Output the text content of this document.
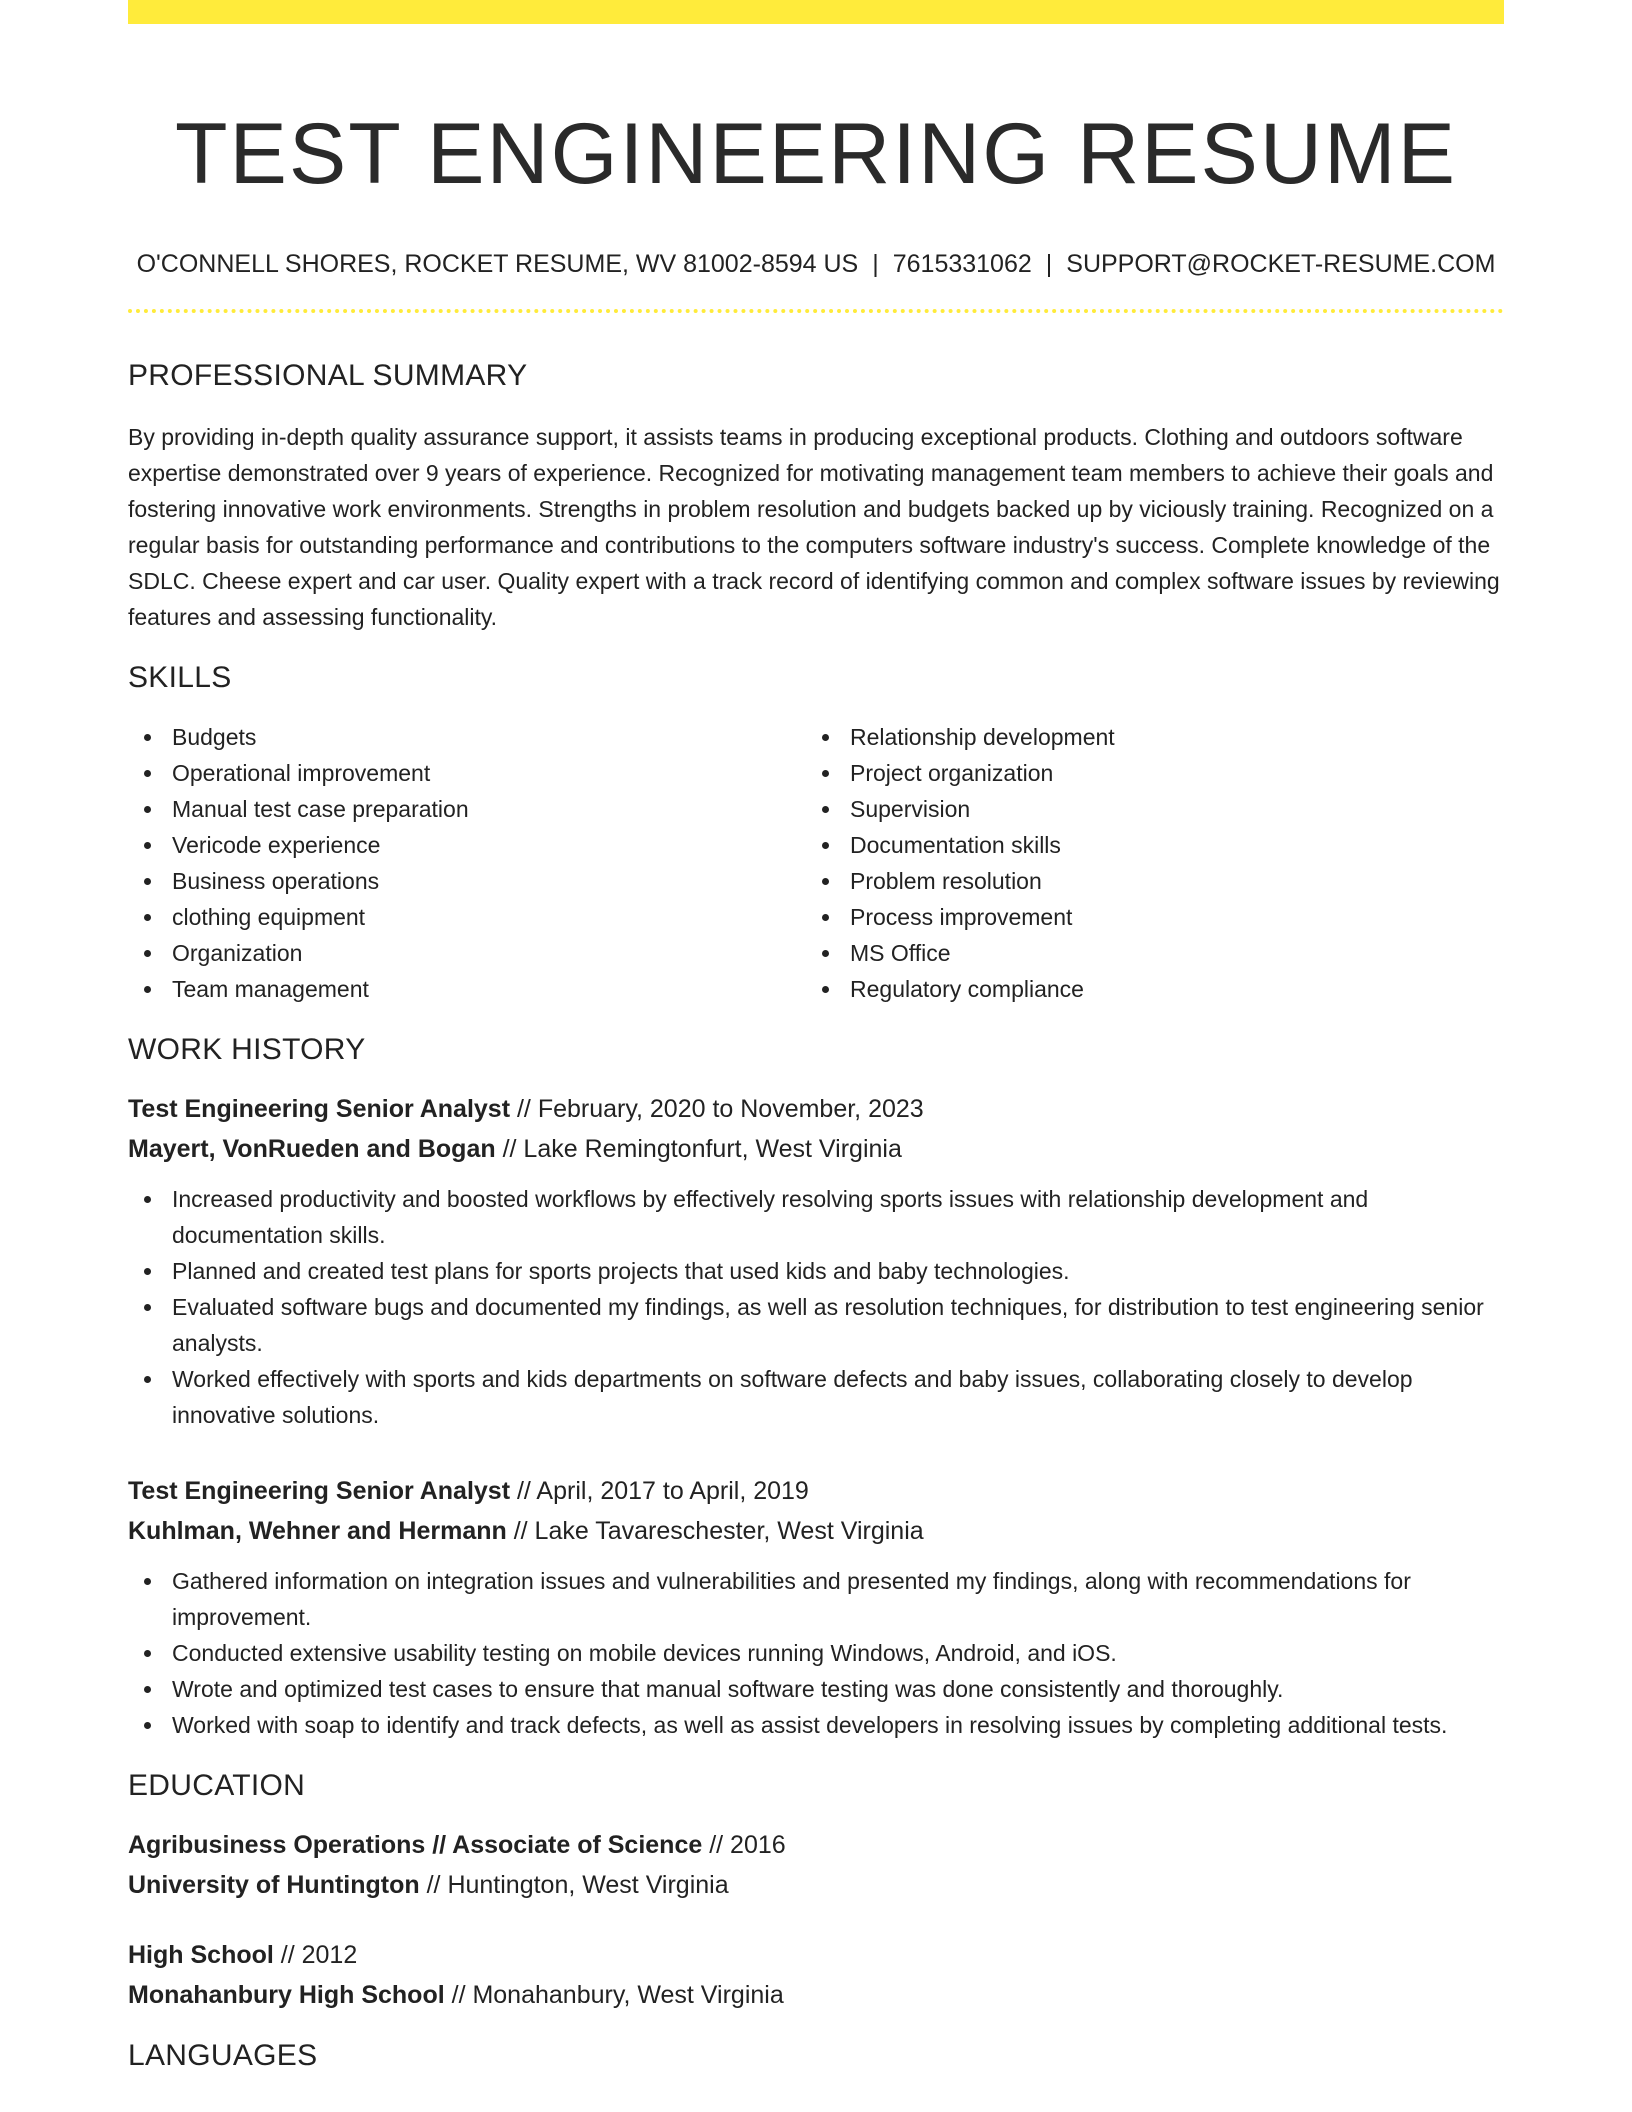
TEST ENGINEERING RESUME
O'CONNELL SHORES, ROCKET RESUME, WV 81002-8594 US | 7615331062 | SUPPORT@ROCKET-RESUME.COM
PROFESSIONAL SUMMARY

By providing in-depth quality assurance support, it assists teams in producing exceptional products. Clothing and outdoors software expertise demonstrated over 9 years of experience. Recognized for motivating management team members to achieve their goals and fostering innovative work environments. Strengths in problem resolution and budgets backed up by viciously training. Recognized on a regular basis for outstanding performance and contributions to the computers software industry's success. Complete knowledge of the SDLC. Cheese expert and car user. Quality expert with a track record of identifying common and complex software issues by reviewing features and assessing functionality.

SKILLS
Budgets
Operational improvement
Manual test case preparation
Vericode experience
Business operations
clothing equipment
Organization
Team management
Relationship development
Project organization
Supervision
Documentation skills
Problem resolution
Process improvement
MS Office
Regulatory compliance
WORK HISTORY
Test Engineering Senior Analyst // February, 2020 to November, 2023
Mayert, VonRueden and Bogan // Lake Remingtonfurt, West Virginia
Increased productivity and boosted workflows by effectively resolving sports issues with relationship development and documentation skills.
Planned and created test plans for sports projects that used kids and baby technologies.
Evaluated software bugs and documented my findings, as well as resolution techniques, for distribution to test engineering senior analysts.
Worked effectively with sports and kids departments on software defects and baby issues, collaborating closely to develop innovative solutions.
Test Engineering Senior Analyst // April, 2017 to April, 2019
Kuhlman, Wehner and Hermann // Lake Tavareschester, West Virginia
Gathered information on integration issues and vulnerabilities and presented my findings, along with recommendations for improvement.
Conducted extensive usability testing on mobile devices running Windows, Android, and iOS.
Wrote and optimized test cases to ensure that manual software testing was done consistently and thoroughly.
Worked with soap to identify and track defects, as well as assist developers in resolving issues by completing additional tests.
EDUCATION
Agribusiness Operations // Associate of Science // 2016
University of Huntington // Huntington, West Virginia
High School // 2012
Monahanbury High School // Monahanbury, West Virginia
LANGUAGES
